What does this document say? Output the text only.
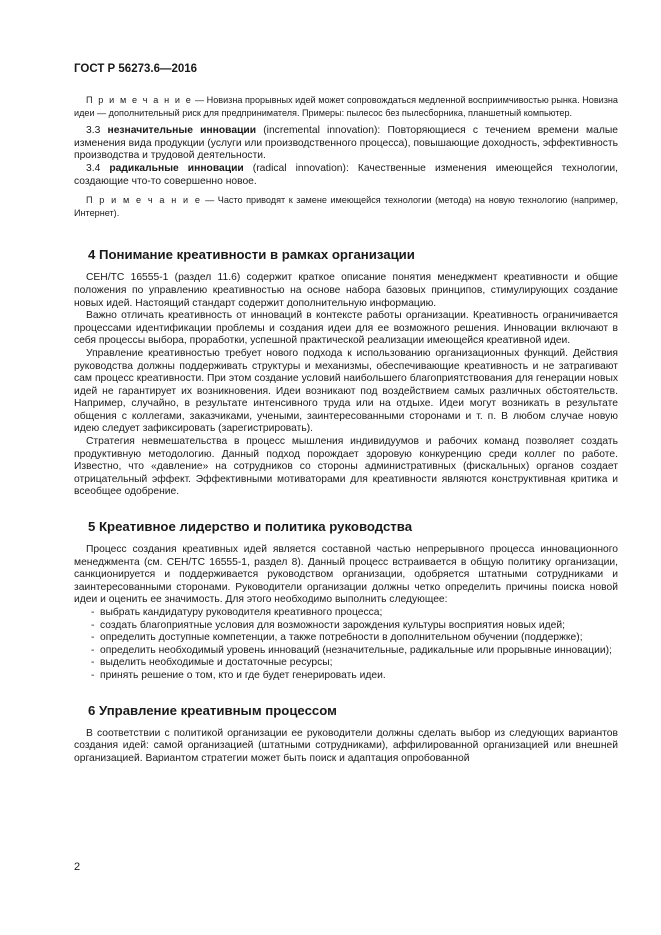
ГОСТ Р 56273.6—2016

П р и м е ч а н и е — Новизна прорывных идей может сопровождаться медленной восприимчивостью рынка. Новизна идеи — дополнительный риск для предпринимателя. Примеры: пылесос без пылесборника, планшетный компьютер.

3.3 незначительные инновации (incremental innovation): Повторяющиеся с течением времени малые изменения вида продукции (услуги или производственного процесса), повышающие доходность, эффективность производства и трудовой деятельности.

3.4 радикальные инновации (radical innovation): Качественные изменения имеющейся технологии, создающие что-то совершенно новое.

П р и м е ч а н и е — Часто приводят к замене имеющейся технологии (метода) на новую технологию (например, Интернет).

4 Понимание креативности в рамках организации

CEH/TC 16555-1 (раздел 11.6) содержит краткое описание понятия менеджмент креативности и общие положения по управлению креативностью на основе набора базовых принципов, стимулирующих создание новых идей. Настоящий стандарт содержит дополнительную информацию.

Важно отличать креативность от инноваций в контексте работы организации. Креативность ограничивается процессами идентификации проблемы и создания идеи для ее возможного решения. Инновации включают в себя процессы выбора, проработки, успешной практической реализации имеющейся креативной идеи.

Управление креативностью требует нового подхода к использованию организационных функций. Действия руководства должны поддерживать структуры и механизмы, обеспечивающие креативность и не затрагивают сам процесс креативности. При этом создание условий наибольшего благоприятствования для генерации новых идей не гарантирует их возникновения. Идеи возникают под воздействием самых различных обстоятельств. Например, случайно, в результате интенсивного труда или на отдыхе. Идеи могут возникать в результате общения с коллегами, заказчиками, учеными, заинтересованными сторонами и т. п. В любом случае новую идею следует зафиксировать (зарегистрировать).

Стратегия невмешательства в процесс мышления индивидуумов и рабочих команд позволяет создать продуктивную методологию. Данный подход порождает здоровую конкуренцию среди коллег по работе. Известно, что «давление» на сотрудников со стороны административных (фискальных) органов создает отрицательный эффект. Эффективными мотиваторами для креативности являются конструктивная критика и всеобщее одобрение.

5 Креативное лидерство и политика руководства

Процесс создания креативных идей является составной частью непрерывного процесса инновационного менеджмента (см. CEH/TC 16555-1, раздел 8). Данный процесс встраивается в общую политику организации, санкционируется и поддерживается руководством организации, одобряется штатными сотрудниками и заинтересованными сторонами. Руководители организации должны четко определить причины поиска новой идеи и оценить ее значимость. Для этого необходимо выполнить следующее:

- выбрать кандидатуру руководителя креативного процесса;

- создать благоприятные условия для возможности зарождения культуры восприятия новых идей;

- определить доступные компетенции, а также потребности в дополнительном обучении (поддержке);

- определить необходимый уровень инноваций (незначительные, радикальные или прорывные инновации);

- выделить необходимые и достаточные ресурсы;

- принять решение о том, кто и где будет генерировать идеи.

6 Управление креативным процессом

В соответствии с политикой организации ее руководители должны сделать выбор из следующих вариантов создания идей: самой организацией (штатными сотрудниками), аффилированной организацией или внешней организацией. Вариантом стратегии может быть поиск и адаптация опробованной

2
